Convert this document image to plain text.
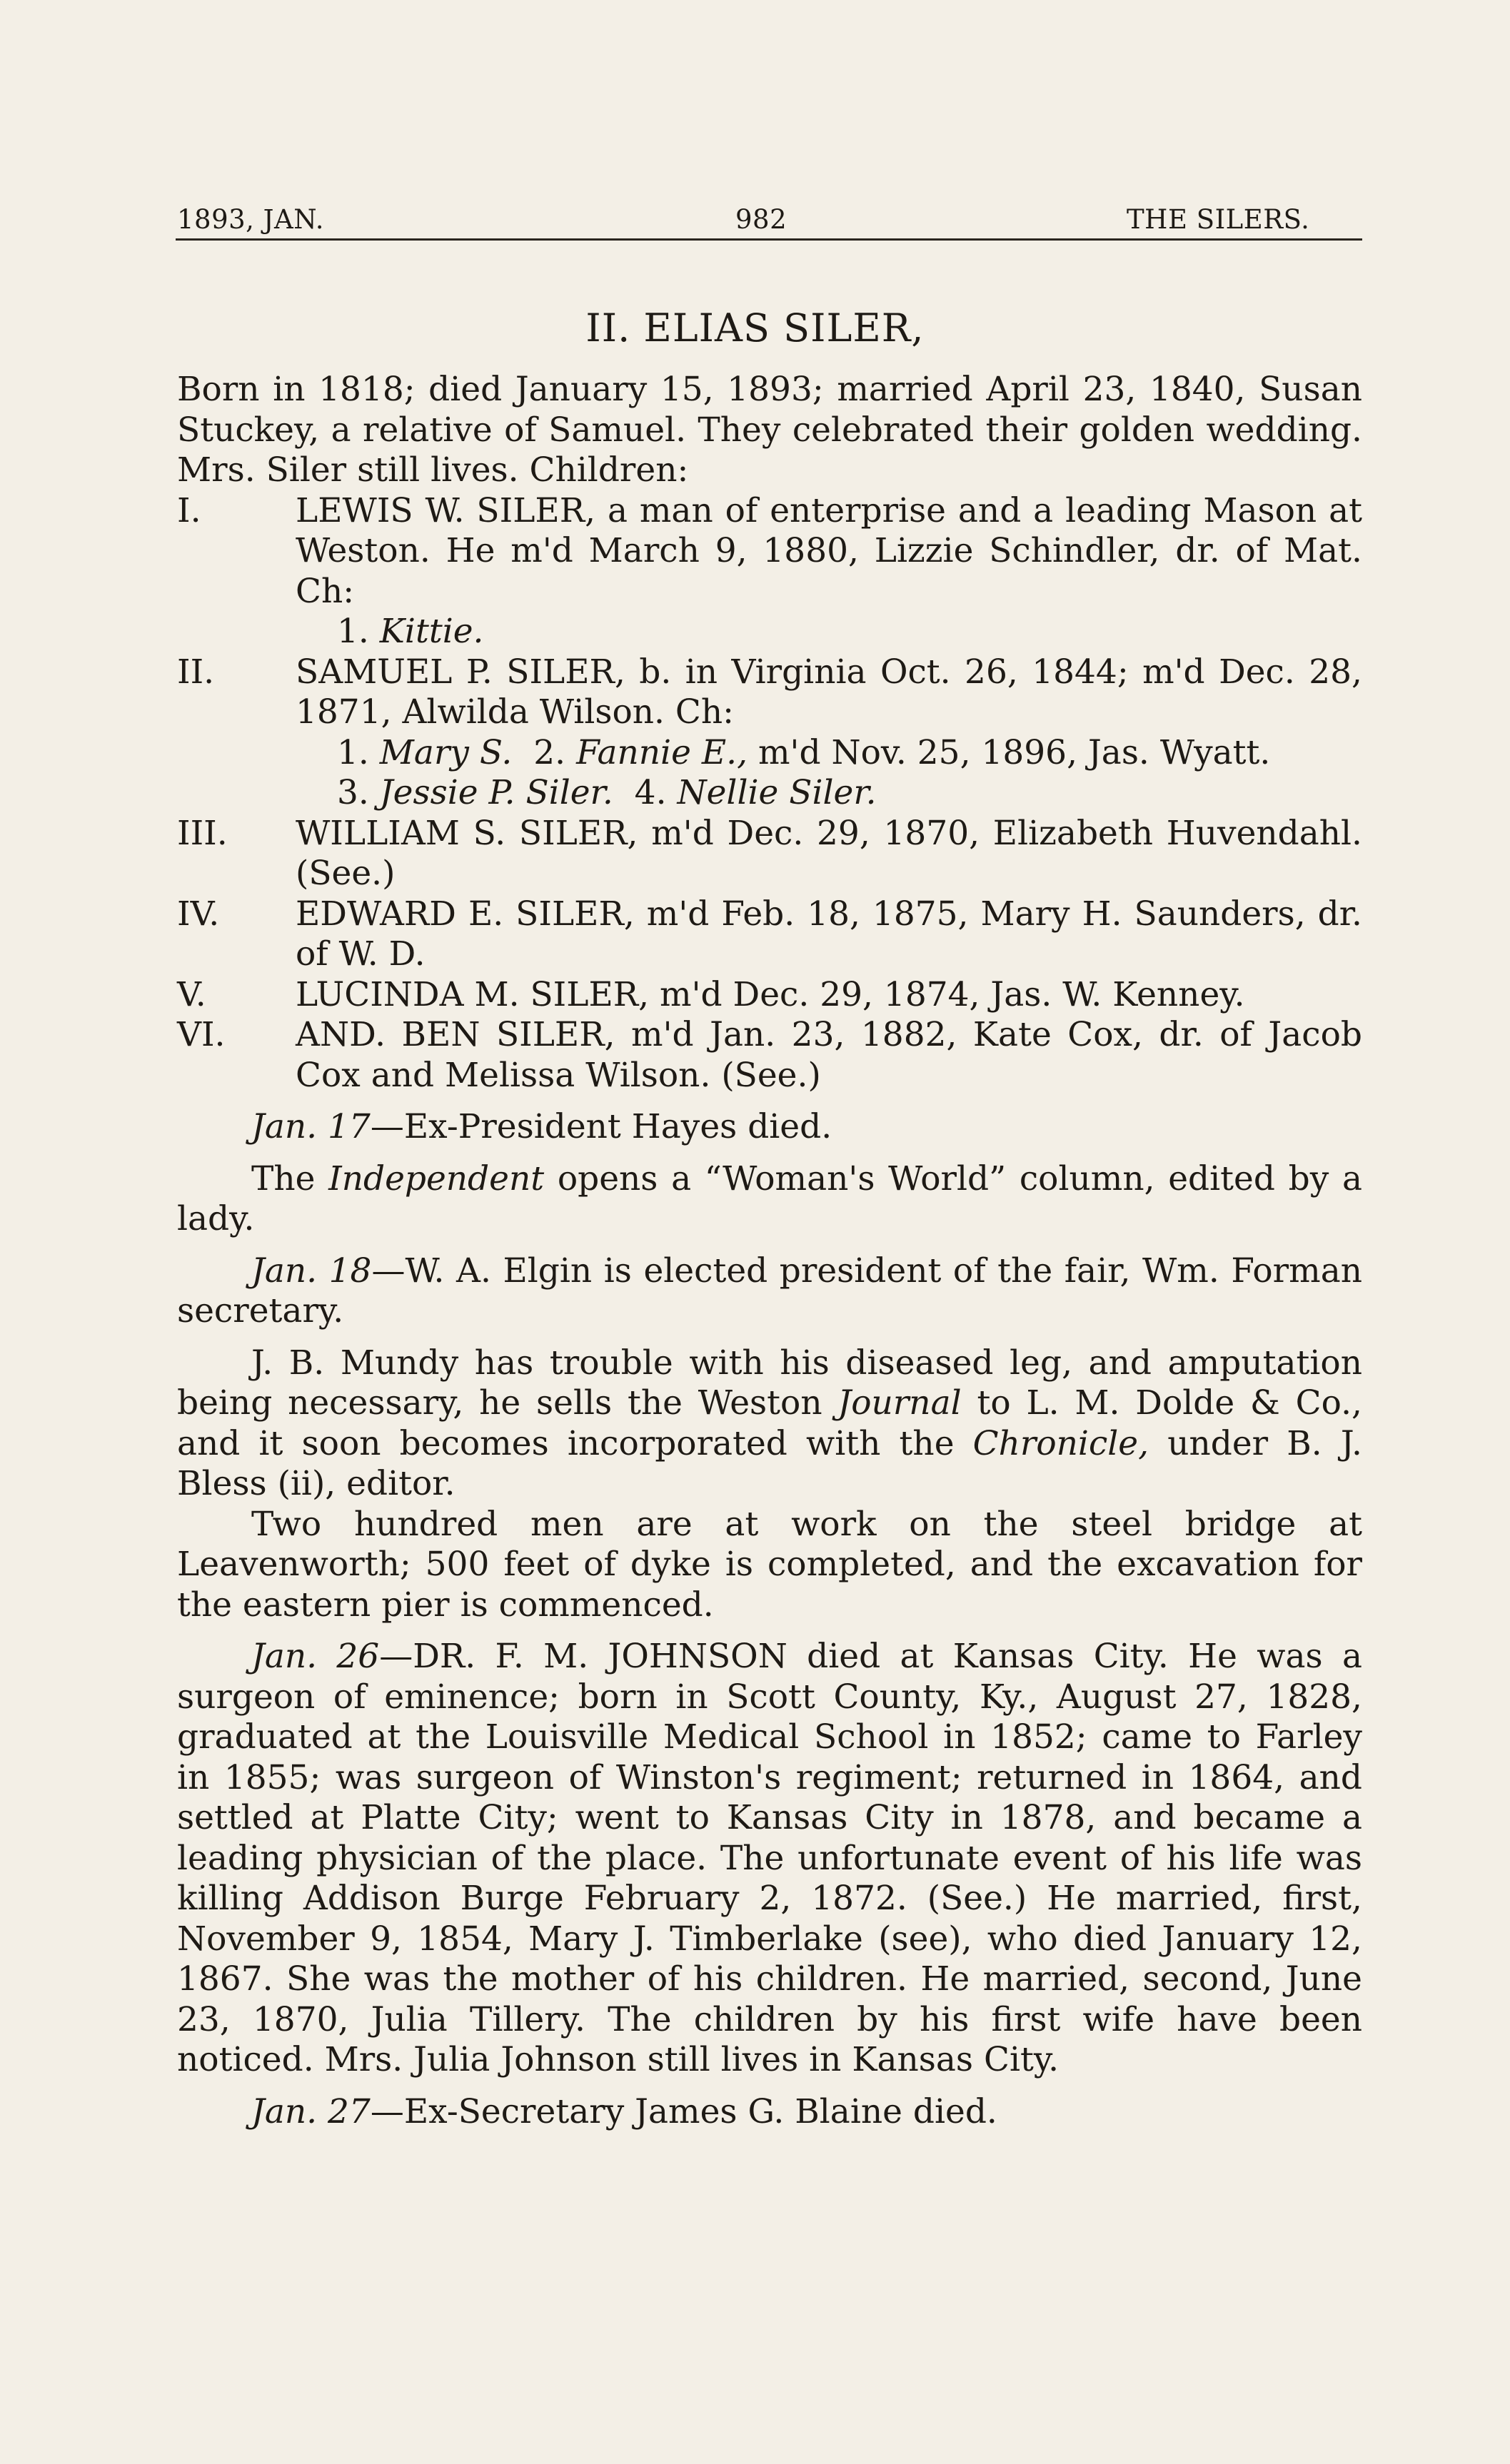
1893, JAN.	982	THE SILERS.
II. ELIAS SILER,
Born in 1818; died January 15, 1893; married April 23, 1840, Susan Stuckey, a relative of Samuel. They celebrated their golden wedding. Mrs. Siler still lives. Children:
I.	LEWIS W. SILER, a man of enterprise and a leading Mason at Weston. He m'd March 9, 1880, Lizzie Schindler, dr. of Mat. Ch:
1. Kittie.
II.	SAMUEL P. SILER, b. in Virginia Oct. 26, 1844; m'd Dec. 28, 1871, Alwilda Wilson. Ch:
1. Mary S. 2. Fannie E., m'd Nov. 25, 1896, Jas. Wyatt.
3. Jessie P. Siler. 4. Nellie Siler.
III. WILLIAM S. SILER, m'd Dec. 29, 1870, Elizabeth Huvendahl. (See.)
IV.	EDWARD E. SILER, m'd Feb. 18, 1875, Mary H. Saunders, dr. of W. D.
V.	LUCINDA M. SILER, m'd Dec. 29, 1874, Jas. W. Kenney.
VI. AND. BEN SILER, m'd Jan. 23, 1882, Kate Cox, dr. of Jacob Cox and Melissa Wilson. (See.)
Jan. 17—Ex-President Hayes died.
The Independent opens a “Woman's World” column, edited by a lady.
Jan. 18—W. A. Elgin is elected president of the fair, Wm. Forman secretary.
J. B. Mundy has trouble with his diseased leg, and amputation being necessary, he sells the Weston Journal to L. M. Dolde & Co., and it soon becomes incorporated with the Chronicle, under B. J. Bless (ii), editor.
Two hundred men are at work on the steel bridge at Leavenworth; 500 feet of dyke is completed, and the excavation for the eastern pier is commenced.
Jan. 26—DR. F. M. JOHNSON died at Kansas City. He was a surgeon of eminence; born in Scott County, Ky., August 27, 1828, graduated at the Louisville Medical School in 1852; came to Farley in 1855; was surgeon of Winston's regiment; returned in 1864, and settled at Platte City; went to Kansas City in 1878, and became a leading physician of the place. The unfortunate event of his life was killing Addison Burge February 2, 1872. (See.) He married, first, November 9, 1854, Mary J. Timberlake (see), who died January 12, 1867. She was the mother of his children. He married, second, June 23, 1870, Julia Tillery. The children by his first wife have been noticed. Mrs. Julia Johnson still lives in Kansas City.
Jan. 27—Ex-Secretary James G. Blaine died.
